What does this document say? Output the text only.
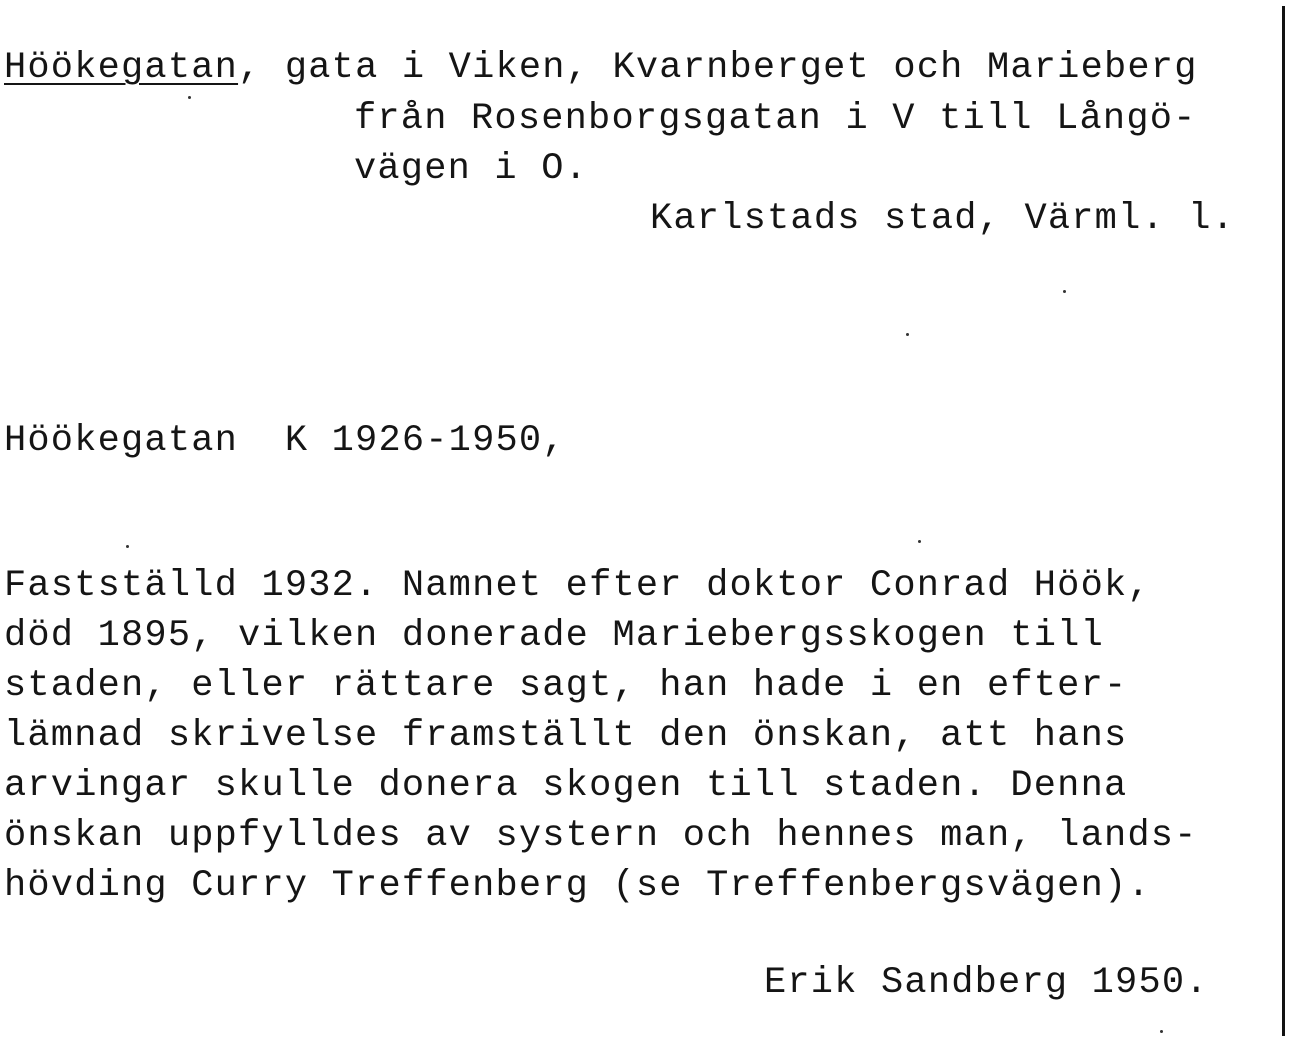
Höökegatan, gata i Viken, Kvarnberget och Marieberg
från Rosenborgsgatan i V till Långö-
vägen i O.
Karlstads stad, Värml. l.
Höökegatan  K 1926-1950,
Fastställd 1932. Namnet efter doktor Conrad Höök,
död 1895, vilken donerade Mariebergsskogen till
staden, eller rättare sagt, han hade i en efter-
lämnad skrivelse framställt den önskan, att hans
arvingar skulle donera skogen till staden. Denna
önskan uppfylldes av systern och hennes man, lands-
hövding Curry Treffenberg (se Treffenbergsvägen).
Erik Sandberg 1950.
